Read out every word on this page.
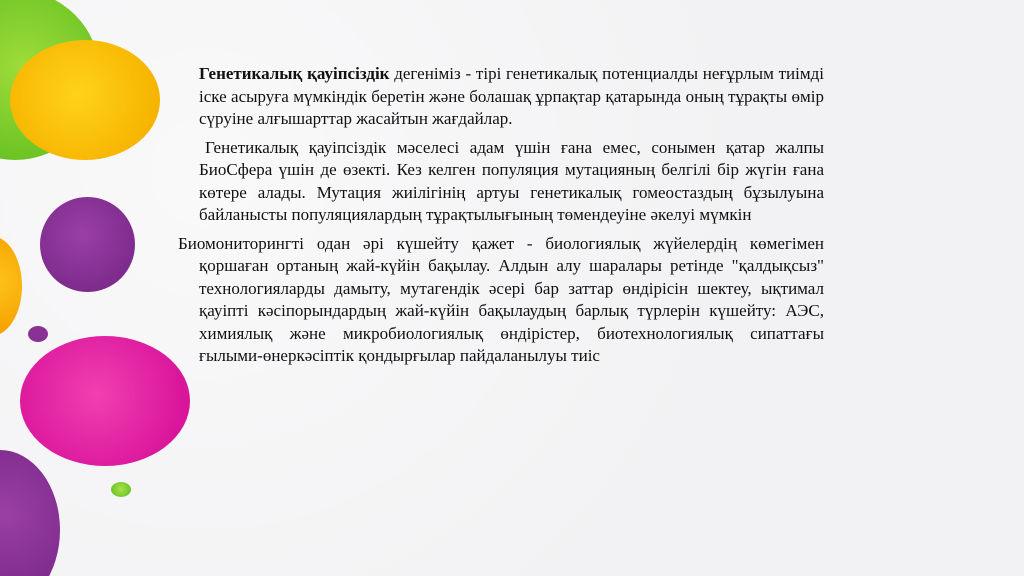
Генетикалық қауіпсіздік дегеніміз - тірі генетикалық потенциалды неғұрлым тиімді іске асыруға мүмкіндік беретін және болашақ ұрпақтар қатарында оның тұрақты өмір сүруіне алғышарттар жасайтын жағдайлар.

Генетикалық қауіпсіздік мәселесі адам үшін ғана емес, сонымен қатар жалпы БиоСфера үшін де өзекті. Кез келген популяция мутацияның белгілі бір жүгін ғана көтере алады. Мутация жиілігінің артуы генетикалық гомеостаздың бұзылуына байланысты популяциялардың тұрақтылығының төмендеуіне әкелуі мүмкін

Биомониторингті одан әрі күшейту қажет - биологиялық жүйелердің көмегімен қоршаған ортаның жай-күйін бақылау. Алдын алу шаралары ретінде "қалдықсыз" технологияларды дамыту, мутагендік әсері бар заттар өндірісін шектеу, ықтимал қауіпті кәсіпорындардың жай-күйін бақылаудың барлық түрлерін күшейту: АЭС, химиялық және микробиологиялық өндірістер, биотехнологиялық сипаттағы ғылыми-өнеркәсіптік қондырғылар пайдаланылуы тиіс
